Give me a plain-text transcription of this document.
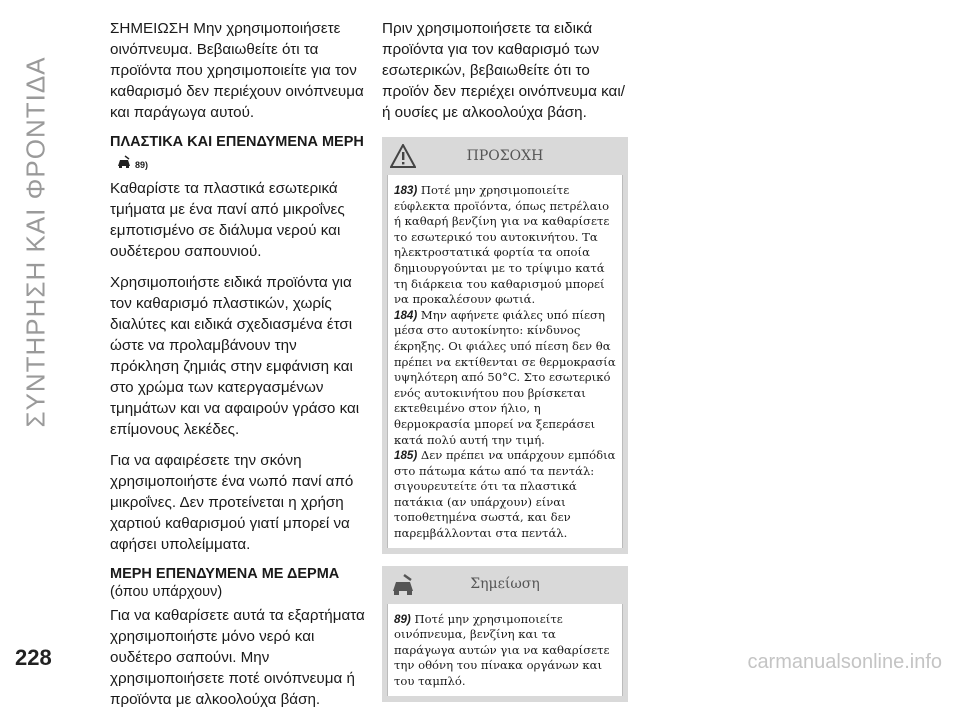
ΣΥΝΤΗΡΗΣΗ ΚΑΙ ΦΡΟΝΤΙΔΑ

ΣΗΜΕΙΩΣΗ Μην χρησιμοποιήσετε οινόπνευμα. Βεβαιωθείτε ότι τα προϊόντα που χρησιμοποιείτε για τον καθαρισμό δεν περιέχουν οινόπνευμα και παράγωγα αυτού.

ΠΛΑΣΤΙΚΑ ΚΑΙ ΕΠΕΝΔΥΜΕΝΑ ΜΕΡΗ
89)

Καθαρίστε τα πλαστικά εσωτερικά τμήματα με ένα πανί από μικροΐνες εμποτισμένο σε διάλυμα νερού και ουδέτερου σαπουνιού.

Χρησιμοποιήστε ειδικά προϊόντα για τον καθαρισμό πλαστικών, χωρίς διαλύτες και ειδικά σχεδιασμένα έτσι ώστε να προλαμβάνουν την πρόκληση ζημιάς στην εμφάνιση και στο χρώμα των κατεργασμένων τμημάτων και να αφαιρούν γράσο και επίμονους λεκέδες.

Για να αφαιρέσετε την σκόνη χρησιμοποιήστε ένα νωπό πανί από μικροΐνες. Δεν προτείνεται η χρήση χαρτιού καθαρισμού γιατί μπορεί να αφήσει υπολείμματα.

ΜΕΡΗ ΕΠΕΝΔΥΜΕΝΑ ΜΕ ΔΕΡΜΑ
(όπου υπάρχουν)

Για να καθαρίσετε αυτά τα εξαρτήματα χρησιμοποιήστε μόνο νερό και ουδέτερο σαπούνι. Μην χρησιμοποιήσετε ποτέ οινόπνευμα ή προϊόντα με αλκοολούχα βάση.

Πριν χρησιμοποιήσετε τα ειδικά προϊόντα για τον καθαρισμό των εσωτερικών, βεβαιωθείτε ότι το προϊόν δεν περιέχει οινόπνευμα και/ή ουσίες με αλκοολούχα βάση.

ΠΡΟΣΟΧΗ

183) Ποτέ μην χρησιμοποιείτε εύφλεκτα προϊόντα, όπως πετρέλαιο ή καθαρή βενζίνη για να καθαρίσετε το εσωτερικό του αυτοκινήτου. Τα ηλεκτροστατικά φορτία τα οποία δημιουργούνται με το τρίψιμο κατά τη διάρκεια του καθαρισμού μπορεί να προκαλέσουν φωτιά.

184) Μην αφήνετε φιάλες υπό πίεση μέσα στο αυτοκίνητο: κίνδυνος έκρηξης. Οι φιάλες υπό πίεση δεν θα πρέπει να εκτίθενται σε θερμοκρασία υψηλότερη από 50°C. Στο εσωτερικό ενός αυτοκινήτου που βρίσκεται εκτεθειμένο στον ήλιο, η θερμοκρασία μπορεί να ξεπεράσει κατά πολύ αυτή την τιμή.

185) Δεν πρέπει να υπάρχουν εμπόδια στο πάτωμα κάτω από τα πεντάλ: σιγουρευτείτε ότι τα πλαστικά πατάκια (αν υπάρχουν) είναι τοποθετημένα σωστά, και δεν παρεμβάλλονται στα πεντάλ.

Σημείωση

89) Ποτέ μην χρησιμοποιείτε οινόπνευμα, βενζίνη και τα παράγωγα αυτών για να καθαρίσετε την οθόνη του πίνακα οργάνων και του ταμπλό.

228	carmanualsonline.info
